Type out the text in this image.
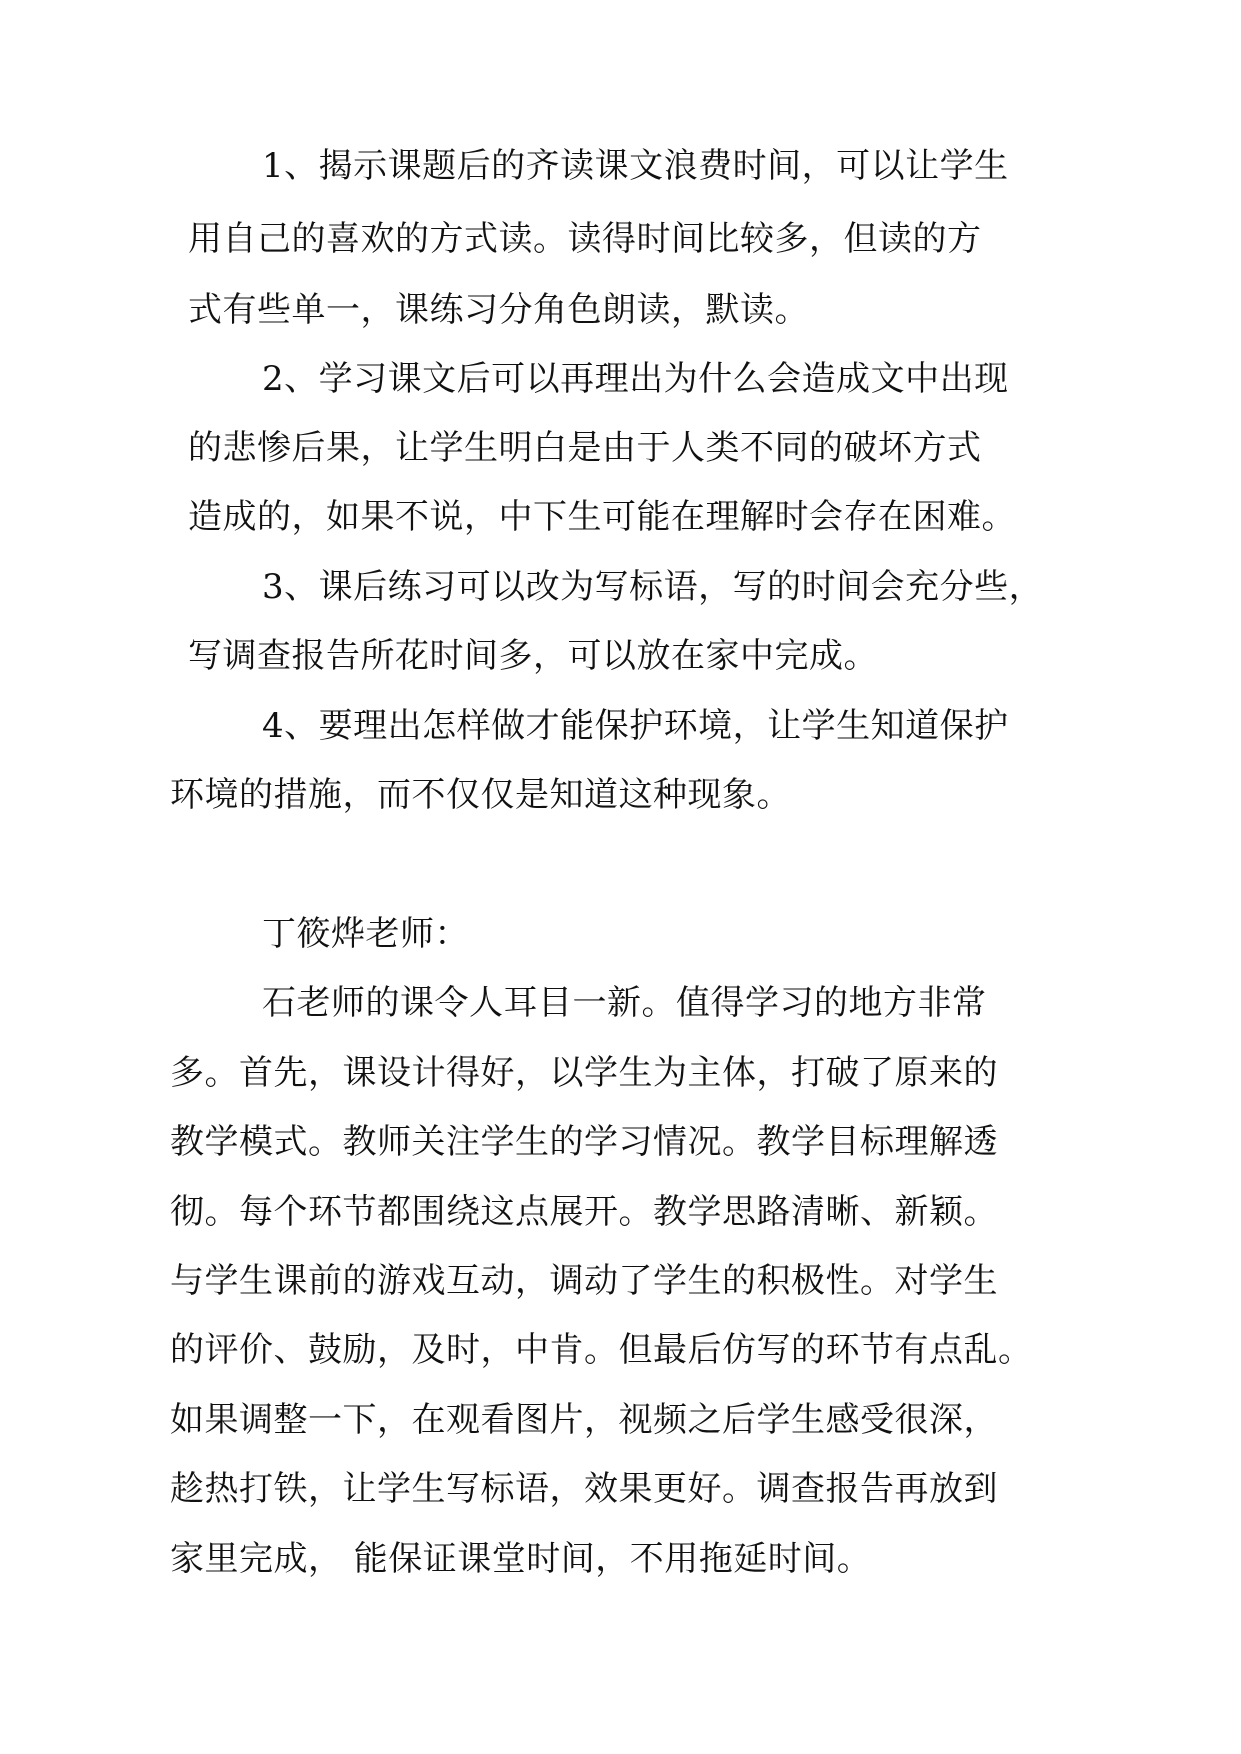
1、揭示课题后的齐读课文浪费时间，可以让学生
用自己的喜欢的方式读。读得时间比较多，但读的方
式有些单一，课练习分角色朗读，默读。
2、学习课文后可以再理出为什么会造成文中出现
的悲惨后果，让学生明白是由于人类不同的破坏方式
造成的，如果不说，中下生可能在理解时会存在困难。
3、课后练习可以改为写标语，写的时间会充分些，
写调查报告所花时间多，可以放在家中完成。
4、要理出怎样做才能保护环境，让学生知道保护
环境的措施，而不仅仅是知道这种现象。
丁筱烨老师：
石老师的课令人耳目一新。值得学习的地方非常
多。首先，课设计得好，以学生为主体，打破了原来的
教学模式。教师关注学生的学习情况。教学目标理解透
彻。每个环节都围绕这点展开。教学思路清晰、新颖。
与学生课前的游戏互动，调动了学生的积极性。对学生
的评价、鼓励，及时，中肯。但最后仿写的环节有点乱。
如果调整一下，在观看图片，视频之后学生感受很深，
趁热打铁，让学生写标语，效果更好。调查报告再放到
家里完成， 能保证课堂时间，不用拖延时间。
